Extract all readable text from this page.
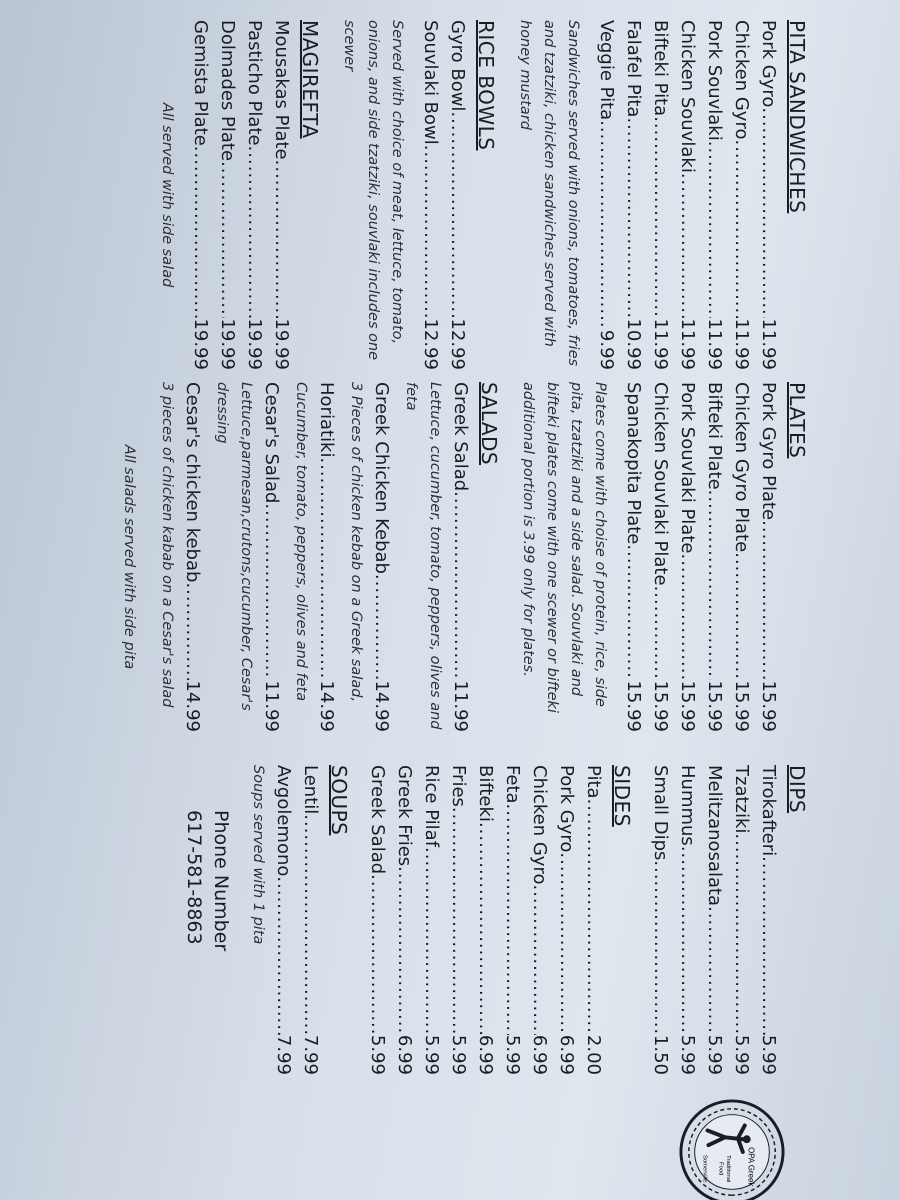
PITA SANDWICHES
Pork Gyro
.....
11.99
Chicken Gyro
.....
11.99
Pork Souvlaki
.....
11.99
Chicken Souvlaki
.....
11.99
Bifteki Pita
.....
11.99
Falafel Pita
.....
10.99
Veggie Pita
.....
9.99
Sandwiches served with onions, tomatoes, fries and tzatziki, chicken sandwiches served with honey mustard
RICE BOWLS
Gyro Bowl
.....
12.99
Souvlaki Bowl
.....
12.99
Served with choice of meat, lettuce, tomato, onions, and side tzatziki, souvlaki includes one scewer
MAGIREFTA
Mousakas Plate
.....
19.99
Pasticho Plate
.....
19.99
Dolmades Plate
.....
19.99
Gemista Plate
.....
19.99
All served with side salad
PLATES
Pork Gyro Plate
.....
15.99
Chicken Gyro Plate
.....
15.99
Bifteki Plate
.....
15.99
Pork Souvlaki Plate
.....
15.99
Chicken Souvlaki Plate
.....
15.99
Spanakopita Plate
.....
15.99
Plates come with choise of protein, rice, side pita, tzatziki and a side salad. Souvlaki and bifteki plates come with one scewer or bifteki additional portion is 3.99 only for plates.
SALADS
Greek Salad
.....
11.99
Lettuce, cucumber, tomato, peppers, olives and feta
Greek Chicken Kebab
.....
14.99
3 Pieces of chicken kebab on a Greek salad,
Horiatiki
.....
14.99
Cucumber, tomato, peppers, olives and feta
Cesar's Salad
.....
11.99
Lettuce,parmesan,crutons,cucumber, Cesar's dressing
Cesar's chicken kebab
.....
14.99
3 pieces of chicken kabab on a Cesar's salad
All salads served with side pita
DIPS
Tirokafteri
.....
5.99
Tzatziki
.....
5.99
Melitzanosalata
.....
5.99
Hummus
.....
5.99
Small Dips
.....
1.50
SIDES
Pita
.....
2.00
Pork Gyro
.....
6.99
Chicken Gyro
.....
6.99
Feta
.....
5.99
Bifteki
.....
6.99
Fries
.....
5.99
Rice Pilaf
.....
5.99
Greek Fries
.....
6.99
Greek Salad
.....
5.99
SOUPS
Lentil
.....
7.99
Avgolemono
.....
7.99
Soups served with 1 pita
Phone Number
617-581-8863
OPA Greek
Traditional
Food
Somerville
